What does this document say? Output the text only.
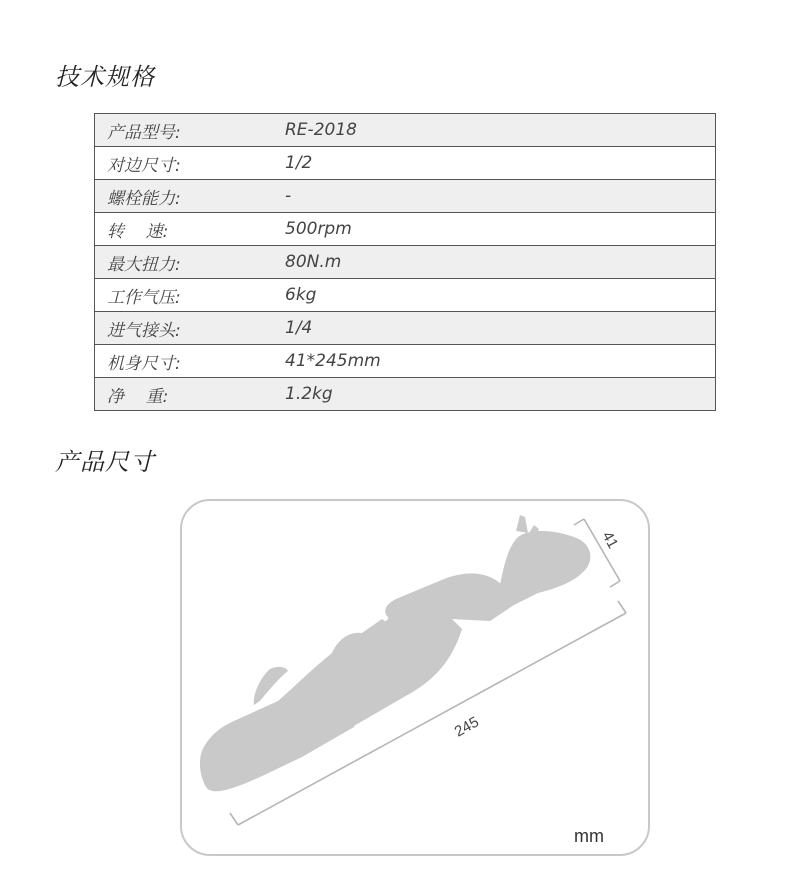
技术规格
产品型号:	RE-2018
对边尺寸:	1/2
螺栓能力:	-
转    速:	500rpm
最大扭力:	80N.m
工作气压:	6kg
进气接头:	1/4
机身尺寸:	41*245mm
净    重:	1.2kg
产品尺寸
245
41
mm
